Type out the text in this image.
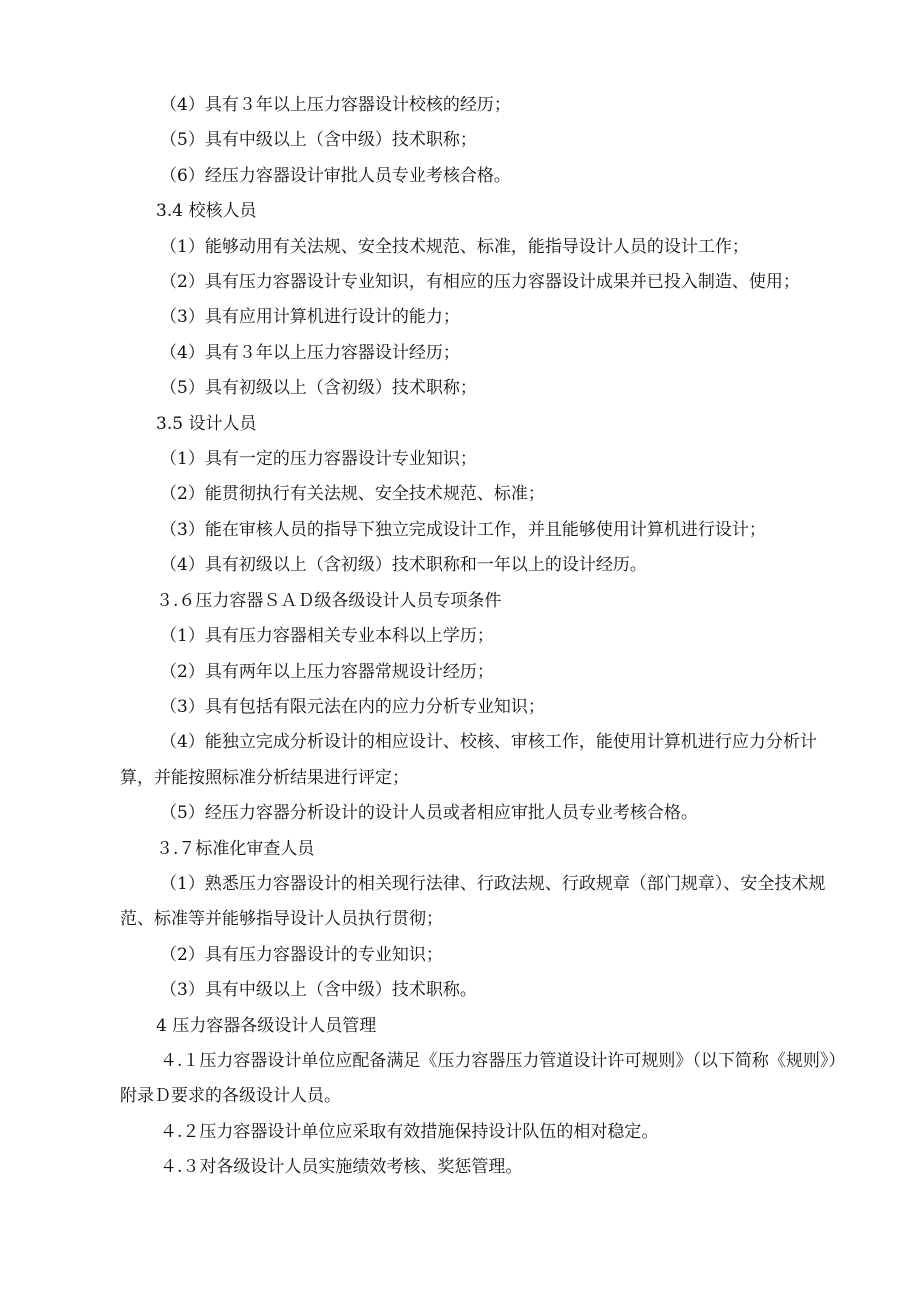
（4）具有３年以上压力容器设计校核的经历；

（5）具有中级以上（含中级）技术职称；

（6）经压力容器设计审批人员专业考核合格。

3.4 校核人员

（1）能够动用有关法规、安全技术规范、标准，能指导设计人员的设计工作；

（2）具有压力容器设计专业知识，有相应的压力容器设计成果并已投入制造、使用；

（3）具有应用计算机进行设计的能力；

（4）具有３年以上压力容器设计经历；

（5）具有初级以上（含初级）技术职称；

3.5 设计人员

（1）具有一定的压力容器设计专业知识；

（2）能贯彻执行有关法规、安全技术规范、标准；

（3）能在审核人员的指导下独立完成设计工作，并且能够使用计算机进行设计；

（4）具有初级以上（含初级）技术职称和一年以上的设计经历。

３.６压力容器ＳＡＤ级各级设计人员专项条件

（1）具有压力容器相关专业本科以上学历；

（2）具有两年以上压力容器常规设计经历；

（3）具有包括有限元法在内的应力分析专业知识；

（4）能独立完成分析设计的相应设计、校核、审核工作，能使用计算机进行应力分析计算，并能按照标准分析结果进行评定；

（5）经压力容器分析设计的设计人员或者相应审批人员专业考核合格。

３.７标准化审查人员

（1）熟悉压力容器设计的相关现行法律、行政法规、行政规章（部门规章）、安全技术规范、标准等并能够指导设计人员执行贯彻；

（2）具有压力容器设计的专业知识；

（3）具有中级以上（含中级）技术职称。

4 压力容器各级设计人员管理

４.１压力容器设计单位应配备满足《压力容器压力管道设计许可规则》（以下简称《规则》）附录Ｄ要求的各级设计人员。

４.２压力容器设计单位应采取有效措施保持设计队伍的相对稳定。

４.３对各级设计人员实施绩效考核、奖惩管理。
